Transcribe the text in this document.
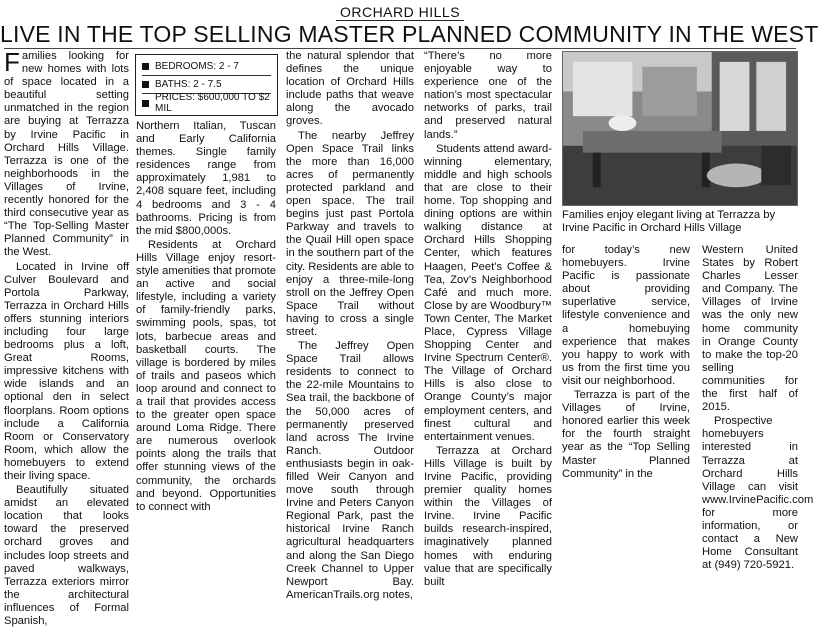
ORCHARD HILLS
LIVE IN THE TOP SELLING MASTER PLANNED COMMUNITY IN THE WEST

Families looking for new homes with lots of space located in a beautiful setting unmatched in the region are buying at Terrazza by Irvine Pacific in Orchard Hills Village. Terrazza is one of the neighborhoods in the Villages of Irvine, recently honored for the third consecutive year as “The Top-Selling Master Planned Community” in the West.

Located in Irvine off Culver Boulevard and Portola Parkway, Terrazza in Orchard Hills offers stunning interiors including four large bedrooms plus a loft, Great Rooms, impressive kitchens with wide islands and an optional den in select floorplans. Room options include a California Room or Conservatory Room, which allow the homebuyers to extend their living space.

Beautifully situated amidst an elevated location that looks toward the preserved orchard groves and includes loop streets and paved walkways, Terrazza exteriors mirror the architectural influences of Formal Spanish,

BEDROOMS: 2 - 7
BATHS: 2 - 7.5
PRICES: $600,000 TO $2 MIL

Northern Italian, Tuscan and Early California themes. Single family residences range from approximately 1,981 to 2,408 square feet, including 4 bedrooms and 3 - 4 bathrooms. Pricing is from the mid $800,000s.

Residents at Orchard Hills Village enjoy resort-style amenities that promote an active and social lifestyle, including a variety of family-friendly parks, swimming pools, spas, tot lots, barbecue areas and basketball courts. The village is bordered by miles of trails and paseos which loop around and connect to a trail that provides access to the greater open space around Loma Ridge. There are numerous overlook points along the trails that offer stunning views of the community, the orchards and beyond. Opportunities to connect with

the natural splendor that defines the unique location of Orchard Hills include paths that weave along the avocado groves.

The nearby Jeffrey Open Space Trail links the more than 16,000 acres of permanently protected parkland and open space. The trail begins just past Portola Parkway and travels to the Quail Hill open space in the southern part of the city. Residents are able to enjoy a three-mile-long stroll on the Jeffrey Open Space Trail without having to cross a single street.

The Jeffrey Open Space Trail allows residents to connect to the 22-mile Mountains to Sea trail, the backbone of the 50,000 acres of permanently preserved land across The Irvine Ranch. Outdoor enthusiasts begin in oak-filled Weir Canyon and move south through Irvine and Peters Canyon Regional Park, past the historical Irvine Ranch agricultural headquarters and along the San Diego Creek Channel to Upper Newport Bay. AmericanTrails.org notes,

“There’s no more enjoyable way to experience one of the nation’s most spectacular networks of parks, trail and preserved natural lands.”

Students attend award-winning elementary, middle and high schools that are close to their home. Top shopping and dining options are within walking distance at Orchard Hills Shopping Center, which features Haagen, Peet’s Coffee & Tea, Zov’s Neighborhood Café and much more. Close by are Woodbury™ Town Center, The Market Place, Cypress Village Shopping Center and Irvine Spectrum Center®. The Village of Orchard Hills is also close to Orange County’s major employment centers, and finest cultural and entertainment venues.

Terrazza at Orchard Hills Village is built by Irvine Pacific, providing premier quality homes within the Villages of Irvine. Irvine Pacific builds research-inspired, imaginatively planned homes with enduring value that are specifically built

Families enjoy elegant living at Terrazza by Irvine Pacific in Orchard Hills Village

for today’s new homebuyers. Irvine Pacific is passionate about providing superlative service, lifestyle convenience and a homebuying experience that makes you happy to work with us from the first time you visit our neighborhood.

Terrazza is part of the Villages of Irvine, honored earlier this week for the fourth straight year as the “Top Selling Master Planned Community” in the

Western United States by Robert Charles Lesser and Company. The Villages of Irvine was the only new home community in Orange County to make the top-20 selling communities for the first half of 2015.

Prospective homebuyers interested in Terrazza at Orchard Hills Village can visit www.IrvinePacific.com for more information, or contact a New Home Consultant at (949) 720-5921.
